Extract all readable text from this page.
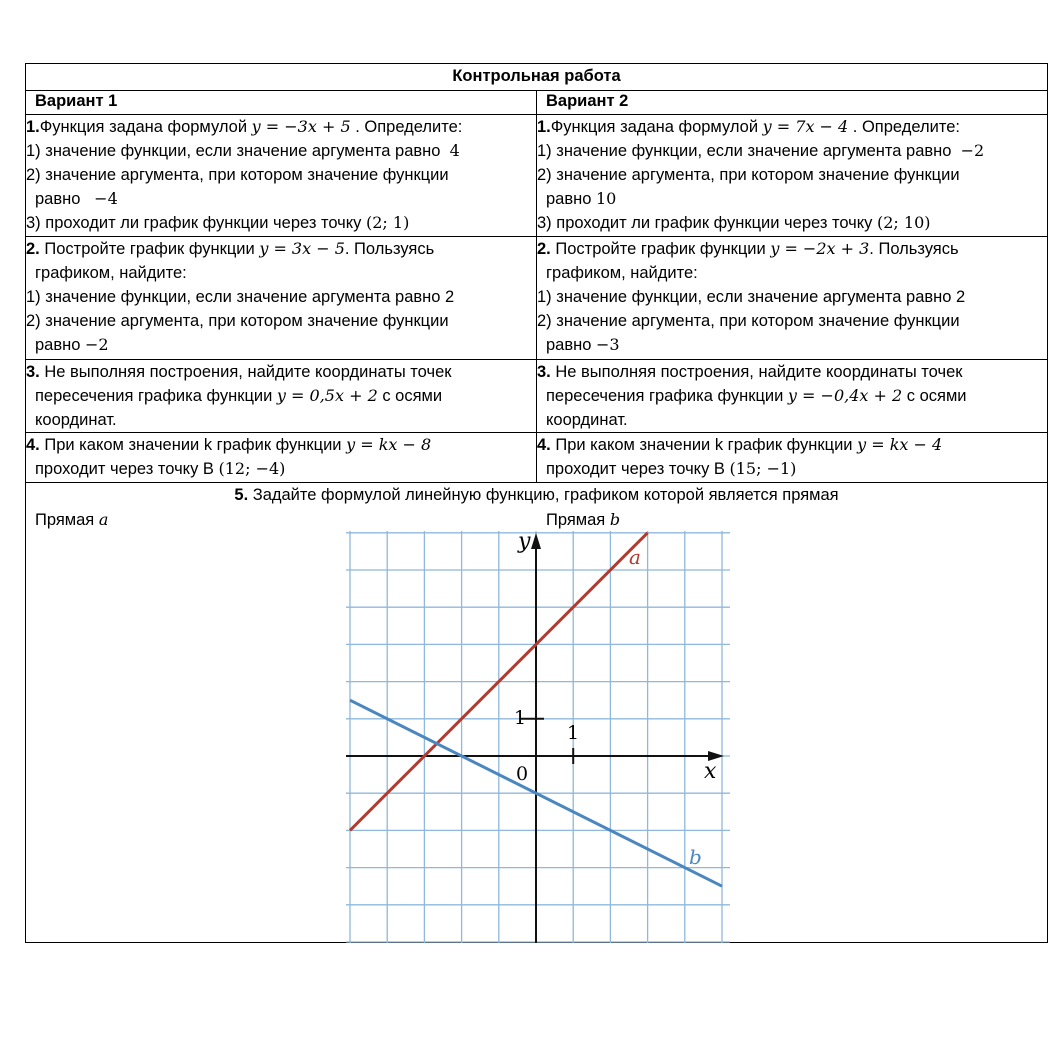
Контрольная работа
Вариант 1
1.Функция задана формулой y = −3x + 5 . Определите:
1) значение функции, если значение аргумента равно  4
2) значение аргумента, при котором значение функции
равно   −4
3) проходит ли график функции через точку (2; 1)
2. Постройте график функции y = 3x − 5. Пользуясь
графиком, найдите:
1) значение функции, если значение аргумента равно 2
2) значение аргумента, при котором значение функции
равно −2
3. Не выполняя построения, найдите координаты точек
пересечения графика функции y = 0,5x + 2 с осями
координат.
4. При каком значении k график функции y = kx − 8
проходит через точку B (12; −4)
Вариант 2
1.Функция задана формулой y = 7x − 4 . Определите:
1) значение функции, если значение аргумента равно  −2
2) значение аргумента, при котором значение функции
равно 10
3) проходит ли график функции через точку (2; 10)
2. Постройте график функции y = −2x + 3. Пользуясь
графиком, найдите:
1) значение функции, если значение аргумента равно 2
2) значение аргумента, при котором значение функции
равно −3
3. Не выполняя построения, найдите координаты точек
пересечения графика функции y = −0,4x + 2 с осями
координат.
4. При каком значении k график функции y = kx − 4
проходит через точку B (15; −1)
5. Задайте формулой линейную функцию, графиком которой является прямая
Прямая a	Прямая b
y
x
0
1
1
a
b
